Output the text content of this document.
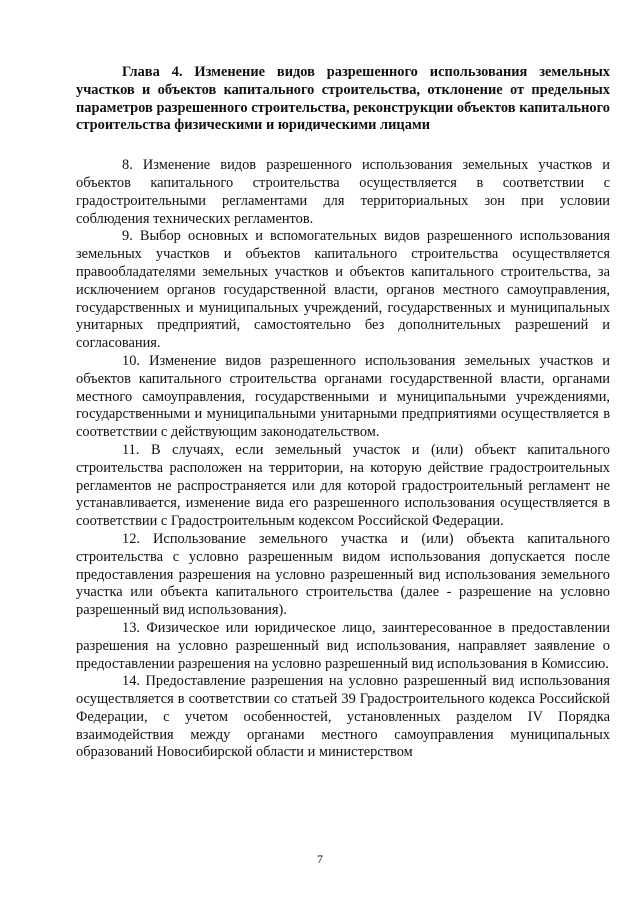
Глава 4. Изменение видов разрешенного использования земельных участков и объектов капитального строительства, отклонение от предельных параметров разрешенного строительства, реконструкции объектов капитального строительства физическими и юридическими лицами

8. Изменение видов разрешенного использования земельных участков и объектов капитального строительства осуществляется в соответствии с градостроительными регламентами для территориальных зон при условии соблюдения технических регламентов.

9. Выбор основных и вспомогательных видов разрешенного использования земельных участков и объектов капитального строительства осуществляется правообладателями земельных участков и объектов капитального строительства, за исключением органов государственной власти, органов местного самоуправления, государственных и муниципальных учреждений, государственных и муниципальных унитарных предприятий, самостоятельно без дополнительных разрешений и согласования.

10. Изменение видов разрешенного использования земельных участков и объектов капитального строительства органами государственной власти, органами местного самоуправления, государственными и муниципальными учреждениями, государственными и муниципальными унитарными предприятиями осуществляется в соответствии с действующим законодательством.

11. В случаях, если земельный участок и (или) объект капитального строительства расположен на территории, на которую действие градостроительных регламентов не распространяется или для которой градостроительный регламент не устанавливается, изменение вида его разрешенного использования осуществляется в соответствии с Градостроительным кодексом Российской Федерации.

12. Использование земельного участка и (или) объекта капитального строительства с условно разрешенным видом использования допускается после предоставления разрешения на условно разрешенный вид использования земельного участка или объекта капитального строительства (далее - разрешение на условно разрешенный вид использования).

13. Физическое или юридическое лицо, заинтересованное в предоставлении разрешения на условно разрешенный вид использования, направляет заявление о предоставлении разрешения на условно разрешенный вид использования в Комиссию.

14. Предоставление разрешения на условно разрешенный вид использования осуществляется в соответствии со статьей 39 Градостроительного кодекса Российской Федерации, с учетом особенностей, установленных разделом IV Порядка взаимодействия между органами местного самоуправления муниципальных образований Новосибирской области и министерством

7
